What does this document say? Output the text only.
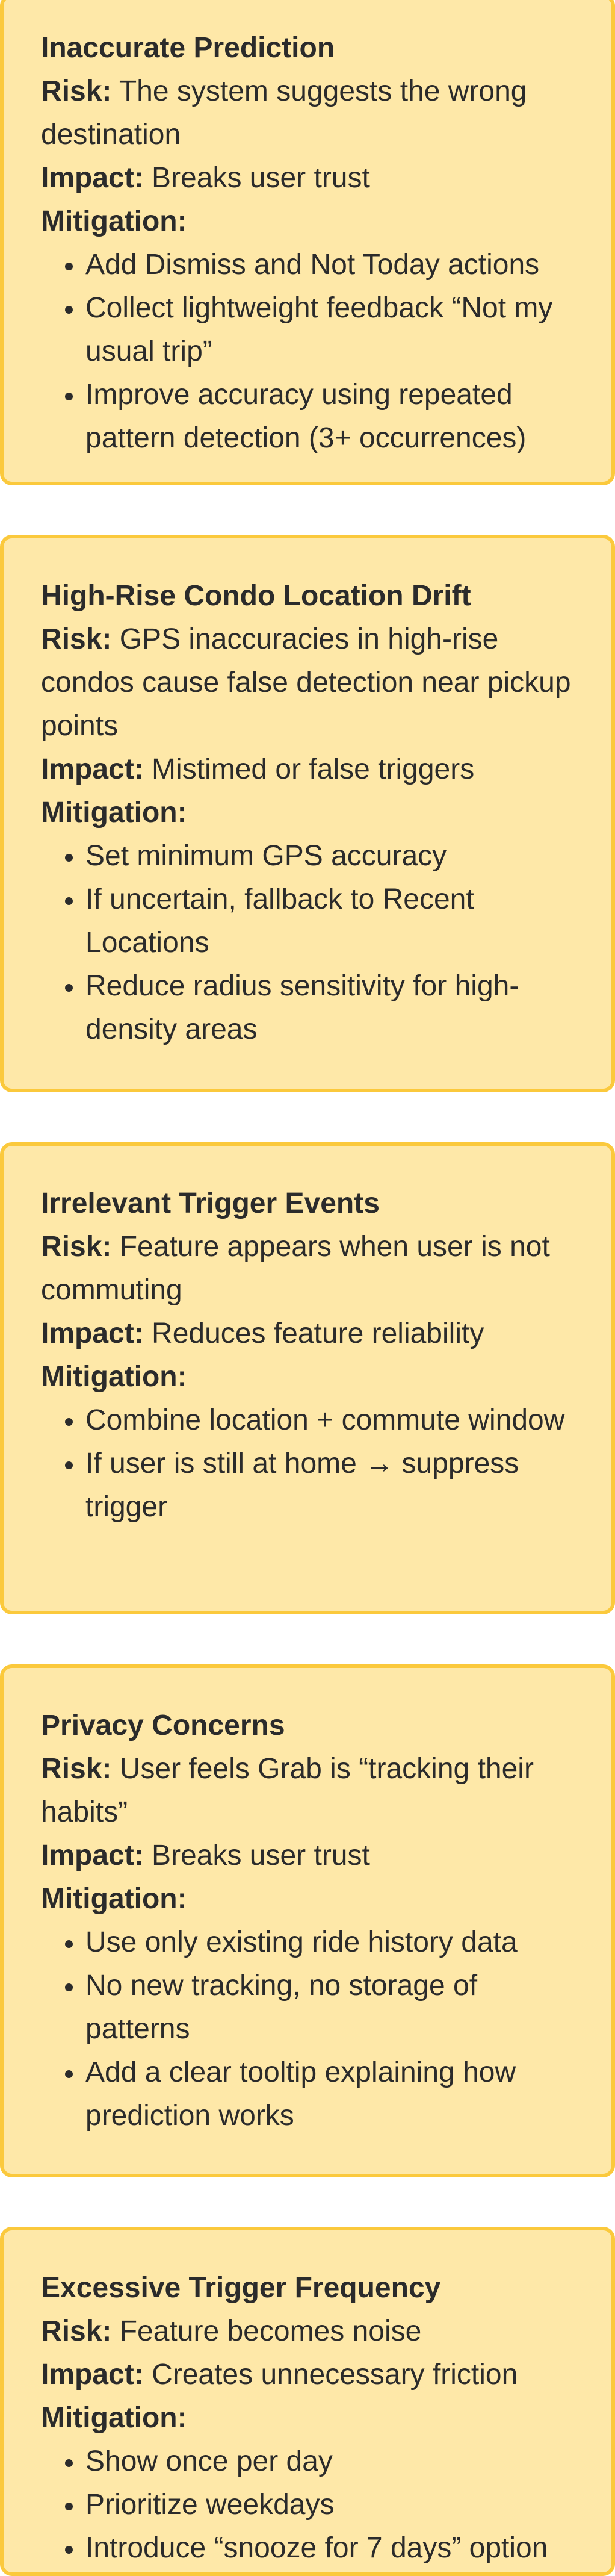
Inaccurate Prediction

Risk: The system suggests the wrong destination

Impact: Breaks user trust

Mitigation:

• Add Dismiss and Not Today actions
• Collect lightweight feedback “Not my usual trip”
• Improve accuracy using repeated pattern detection (3+ occurrences)

High-Rise Condo Location Drift

Risk: GPS inaccuracies in high-rise condos cause false detection near pickup points

Impact: Mistimed or false triggers

Mitigation:

• Set minimum GPS accuracy
• If uncertain, fallback to Recent Locations
• Reduce radius sensitivity for high-density areas

Irrelevant Trigger Events

Risk: Feature appears when user is not commuting

Impact: Reduces feature reliability

Mitigation:

• Combine location + commute window
• If user is still at home → suppress trigger

Privacy Concerns

Risk: User feels Grab is “tracking their habits”

Impact: Breaks user trust

Mitigation:

• Use only existing ride history data
• No new tracking, no storage of patterns
• Add a clear tooltip explaining how prediction works

Excessive Trigger Frequency

Risk: Feature becomes noise

Impact: Creates unnecessary friction

Mitigation:

• Show once per day
• Prioritize weekdays
• Introduce “snooze for 7 days” option
